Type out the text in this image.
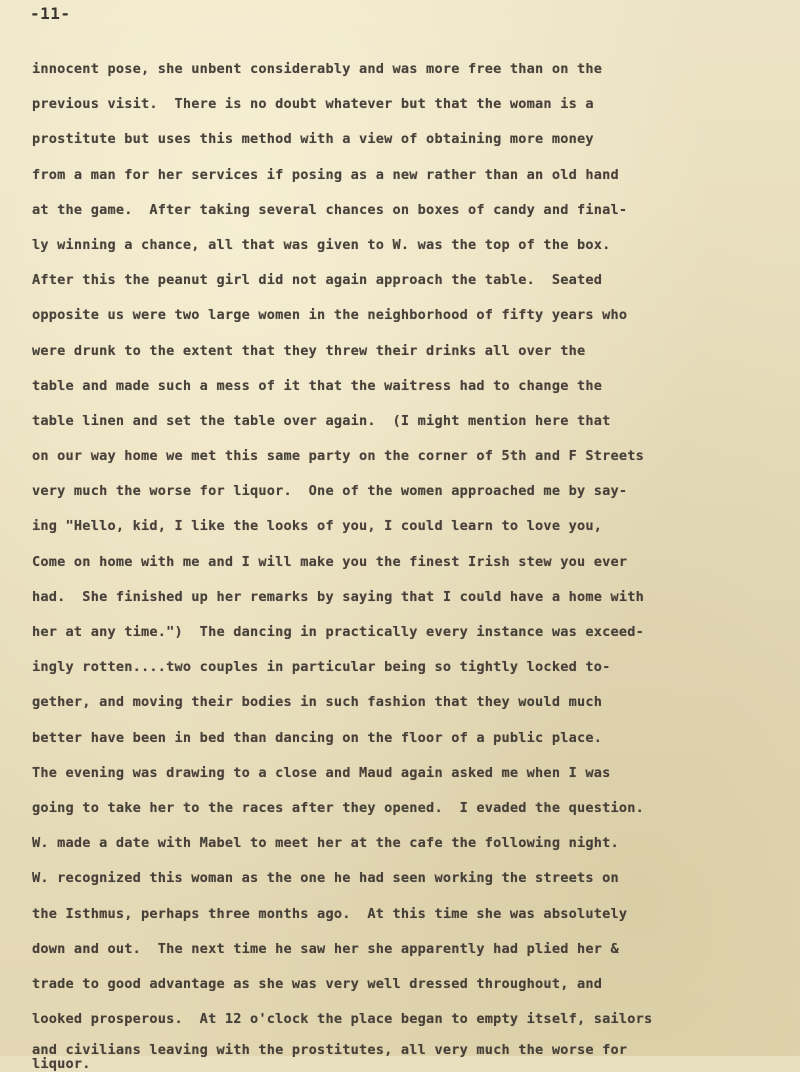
-11-
innocent pose, she unbent considerably and was more free than on the
previous visit.  There is no doubt whatever but that the woman is a
prostitute but uses this method with a view of obtaining more money
from a man for her services if posing as a new rather than an old hand
at the game.  After taking several chances on boxes of candy and final-
ly winning a chance, all that was given to W. was the top of the box.
After this the peanut girl did not again approach the table.  Seated
opposite us were two large women in the neighborhood of fifty years who
were drunk to the extent that they threw their drinks all over the
table and made such a mess of it that the waitress had to change the
table linen and set the table over again.  (I might mention here that
on our way home we met this same party on the corner of 5th and F Streets
very much the worse for liquor.  One of the women approached me by say-
ing "Hello, kid, I like the looks of you, I could learn to love you,
Come on home with me and I will make you the finest Irish stew you ever
had.  She finished up her remarks by saying that I could have a home with
her at any time.")  The dancing in practically every instance was exceed-
ingly rotten....two couples in particular being so tightly locked to-
gether, and moving their bodies in such fashion that they would much
better have been in bed than dancing on the floor of a public place.
The evening was drawing to a close and Maud again asked me when I was
going to take her to the races after they opened.  I evaded the question.
W. made a date with Mabel to meet her at the cafe the following night.
W. recognized this woman as the one he had seen working the streets on
the Isthmus, perhaps three months ago.  At this time she was absolutely
down and out.  The next time he saw her she apparently had plied her &
trade to good advantage as she was very well dressed throughout, and
looked prosperous.  At 12 o'clock the place began to empty itself, sailors
and civilians leaving with the prostitutes, all very much the worse for
liquor.
